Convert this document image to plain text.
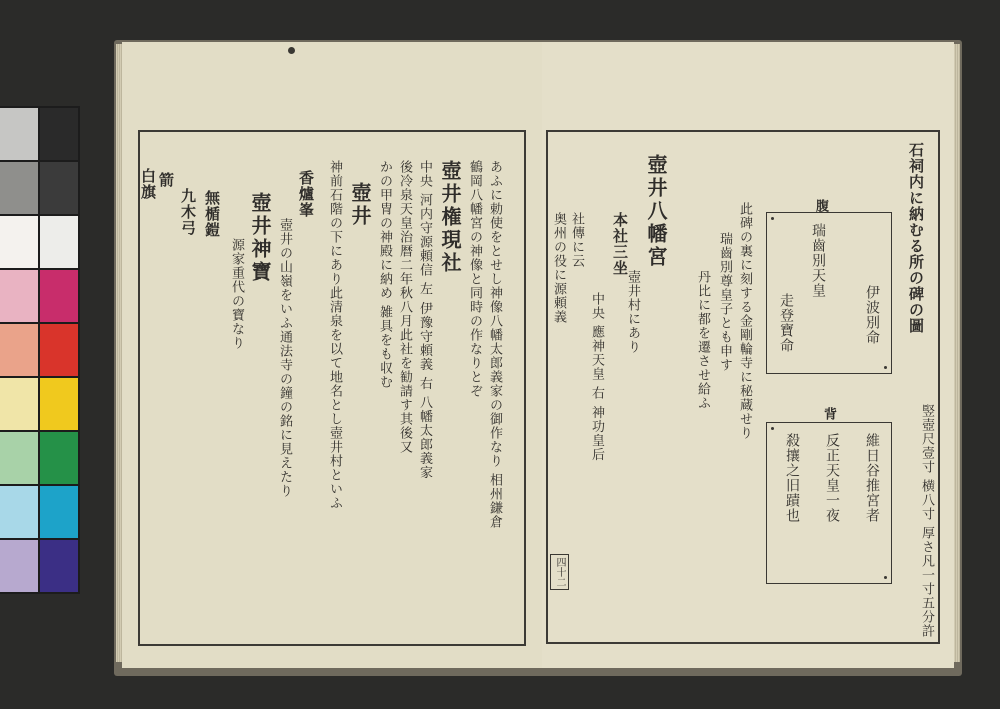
あふに勅使をとせし神像八幡太郎義家の御作なり 相州鎌倉
鶴岡八幡宮の神像と同時の作なりとぞ
壺井権現社
中央 河内守源頼信 左 伊豫守頼義 右 八幡太郎義家
後冷泉天皇治暦二年秋八月此社を勧請す其後又
かの甲冑の神殿に納め 雑具をも収む
壺井
神前石階の下にあり此清泉を以て地名とし壺井村といふ
香爐峯
壺井の山嶺をいふ通法寺の鐘の銘に見えたり
壺井神寶
源家重代の寶なり
無楯鎧
九木弓
箭
白旗	石祠内に納むる所の碑の圖
竪壺尺壹寸 横八寸 厚さ凡一寸五分許
腹
瑞齒別天皇
伊波別命
走登寶命
背
維日谷推宮者
反正天皇一夜
殺攘之旧蹟也
此碑の裏に刻する金剛輪寺に秘蔵せり
瑞齒別尊皇子とも申す
丹比に都を遷させ給ふ
壺井八幡宮
壺井村にあり
本社三坐
中央 應神天皇 右 神功皇后
社傳に云
奥州の役に源頼義
四十二
